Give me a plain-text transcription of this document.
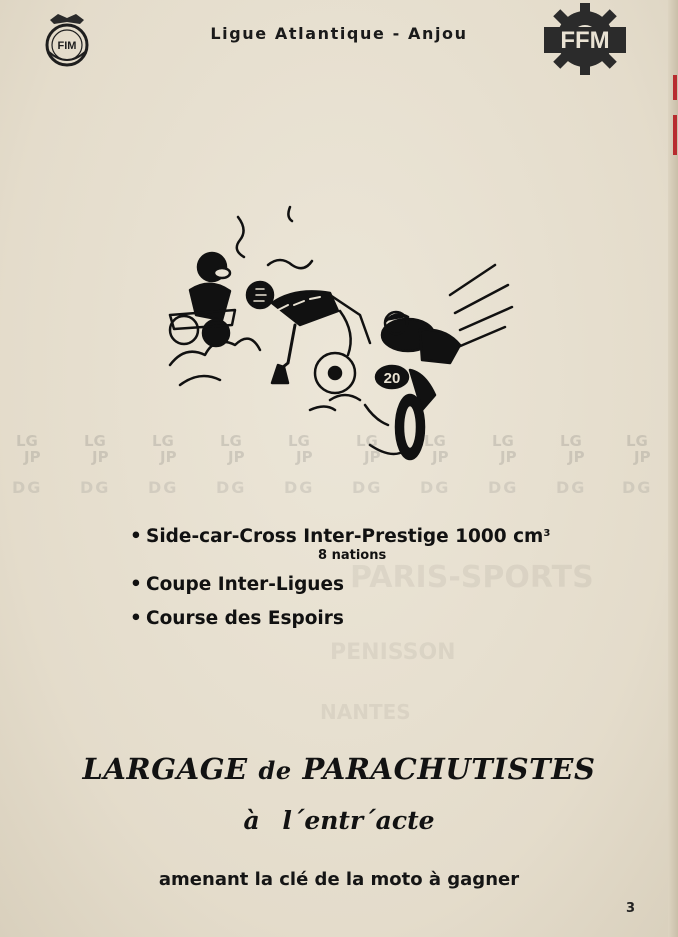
PARIS-SPORTS
PENISSON
NANTES
FIM
Ligue Atlantique - Anjou	FFM
20
LG
JP
DG
LG
JP
DG
LG
JP
DG
LG
JP
DG
LG
JP
DG
LG
JP
DG
LG
JP
DG
LG
JP
DG
LG
JP
DG
LG
JP
DG
• Side-car-Cross Inter-Prestige 1000 $cm^3$
8 nations
• Coupe Inter-Ligues
• Course des Espoirs
LARGAGE de PARACHUTISTES
à l´entr´acte
amenant la clé de la moto à gagner
3
